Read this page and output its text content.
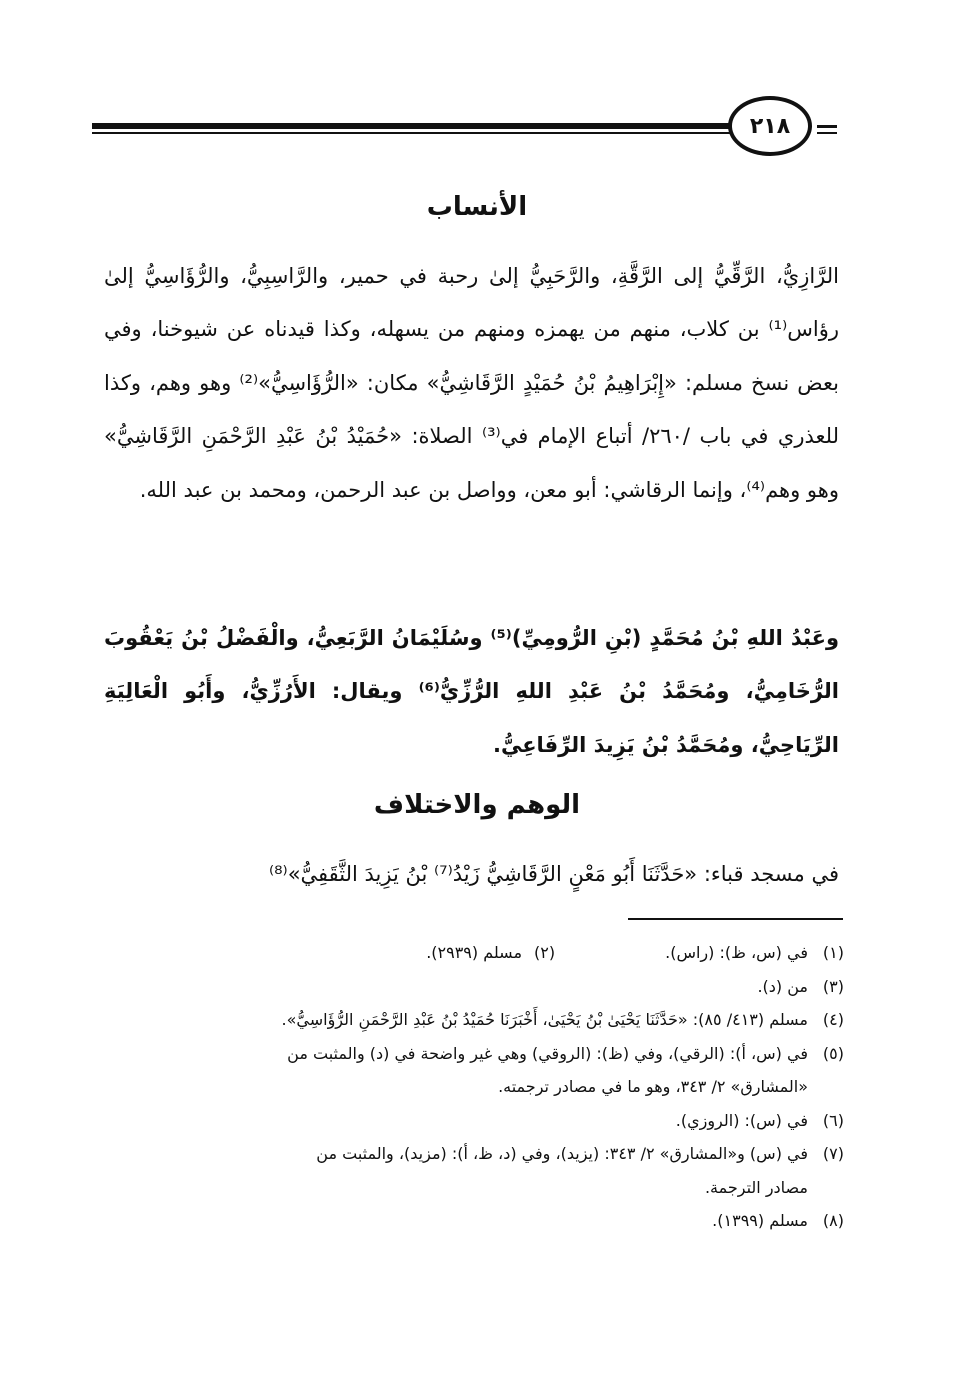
٢١٨
الأنساب

الرَّازِيُّ، الرَّقِّيُّ إلى الرَّقَّةِ، والرَّحَبِيُّ إلىٰ رحبة في حمير، والرَّاسِبِيُّ، والرُّؤَاسِيُّ إلىٰ رؤاس⁽¹⁾ بن كلاب، منهم من يهمزه ومنهم من يسهله، وكذا قيدناه عن شيوخنا، وفي بعض نسخ مسلم: «إِبْرَاهِيمُ بْنُ حُمَيْدٍ الرَّقَاشِيُّ» مكان: «الرُّؤَاسِيُّ»⁽²⁾ وهو وهم، وكذا للعذري في باب /٢٦٠/ أتباع الإمام في⁽³⁾ الصلاة: «حُمَيْدُ بْنُ عَبْدِ الرَّحْمَنِ الرَّقَاشِيُّ» وهو وهم⁽⁴⁾، وإنما الرقاشي: أبو معن، وواصل بن عبد الرحمن، ومحمد بن عبد الله.

وعَبْدُ اللهِ بْنُ مُحَمَّدٍ (بْنِ الرُّومِيِّ)⁽⁵⁾ وسُلَيْمَانُ الرَّبَعِيُّ، والْفَضْلُ بْنُ يَعْقُوبَ الرُّخَامِيُّ، ومُحَمَّدُ بْنُ عَبْدِ اللهِ الرُّزِّيُّ⁽⁶⁾ ويقال: الأَرُزِّيُّ، وأَبُو الْعَالِيَةِ الرِّيَاحِيُّ، ومُحَمَّدُ بْنُ يَزِيدَ الرِّفَاعِيُّ.

الوهم والاختلاف

في مسجد قباء: «حَدَّثَنَا أَبُو مَعْنٍ الرَّقَاشِيُّ زَيْدُ⁽⁷⁾ بْنُ يَزِيدَ الثَّقَفِيُّ»⁽⁸⁾

(١)
في (س، ظ): (راس).
(٢)
مسلم (٢٩٣٩).
(٣)
من (د).
(٤)
مسلم (٤١٣/ ٨٥): «حَدَّثَنَا يَحْيَىٰ بْنُ يَحْيَىٰ، أَخْبَرَنَا حُمَيْدُ بْنُ عَبْدِ الرَّحْمَنِ الرُّؤَاسِيُّ».
(٥)
في (س، أ): (الرقي)، وفي (ظ): (الروقي) وهي غير واضحة في (د) والمثبت من
«المشارق» ٢/ ٣٤٣، وهو ما في مصادر ترجمته.
(٦)
في (س): (الروزي).
(٧)
في (س) و«المشارق» ٢/ ٣٤٣: (يزيد)، وفي (د، ظ، أ): (مزيد)، والمثبت من
مصادر الترجمة.
(٨)
مسلم (١٣٩٩).
